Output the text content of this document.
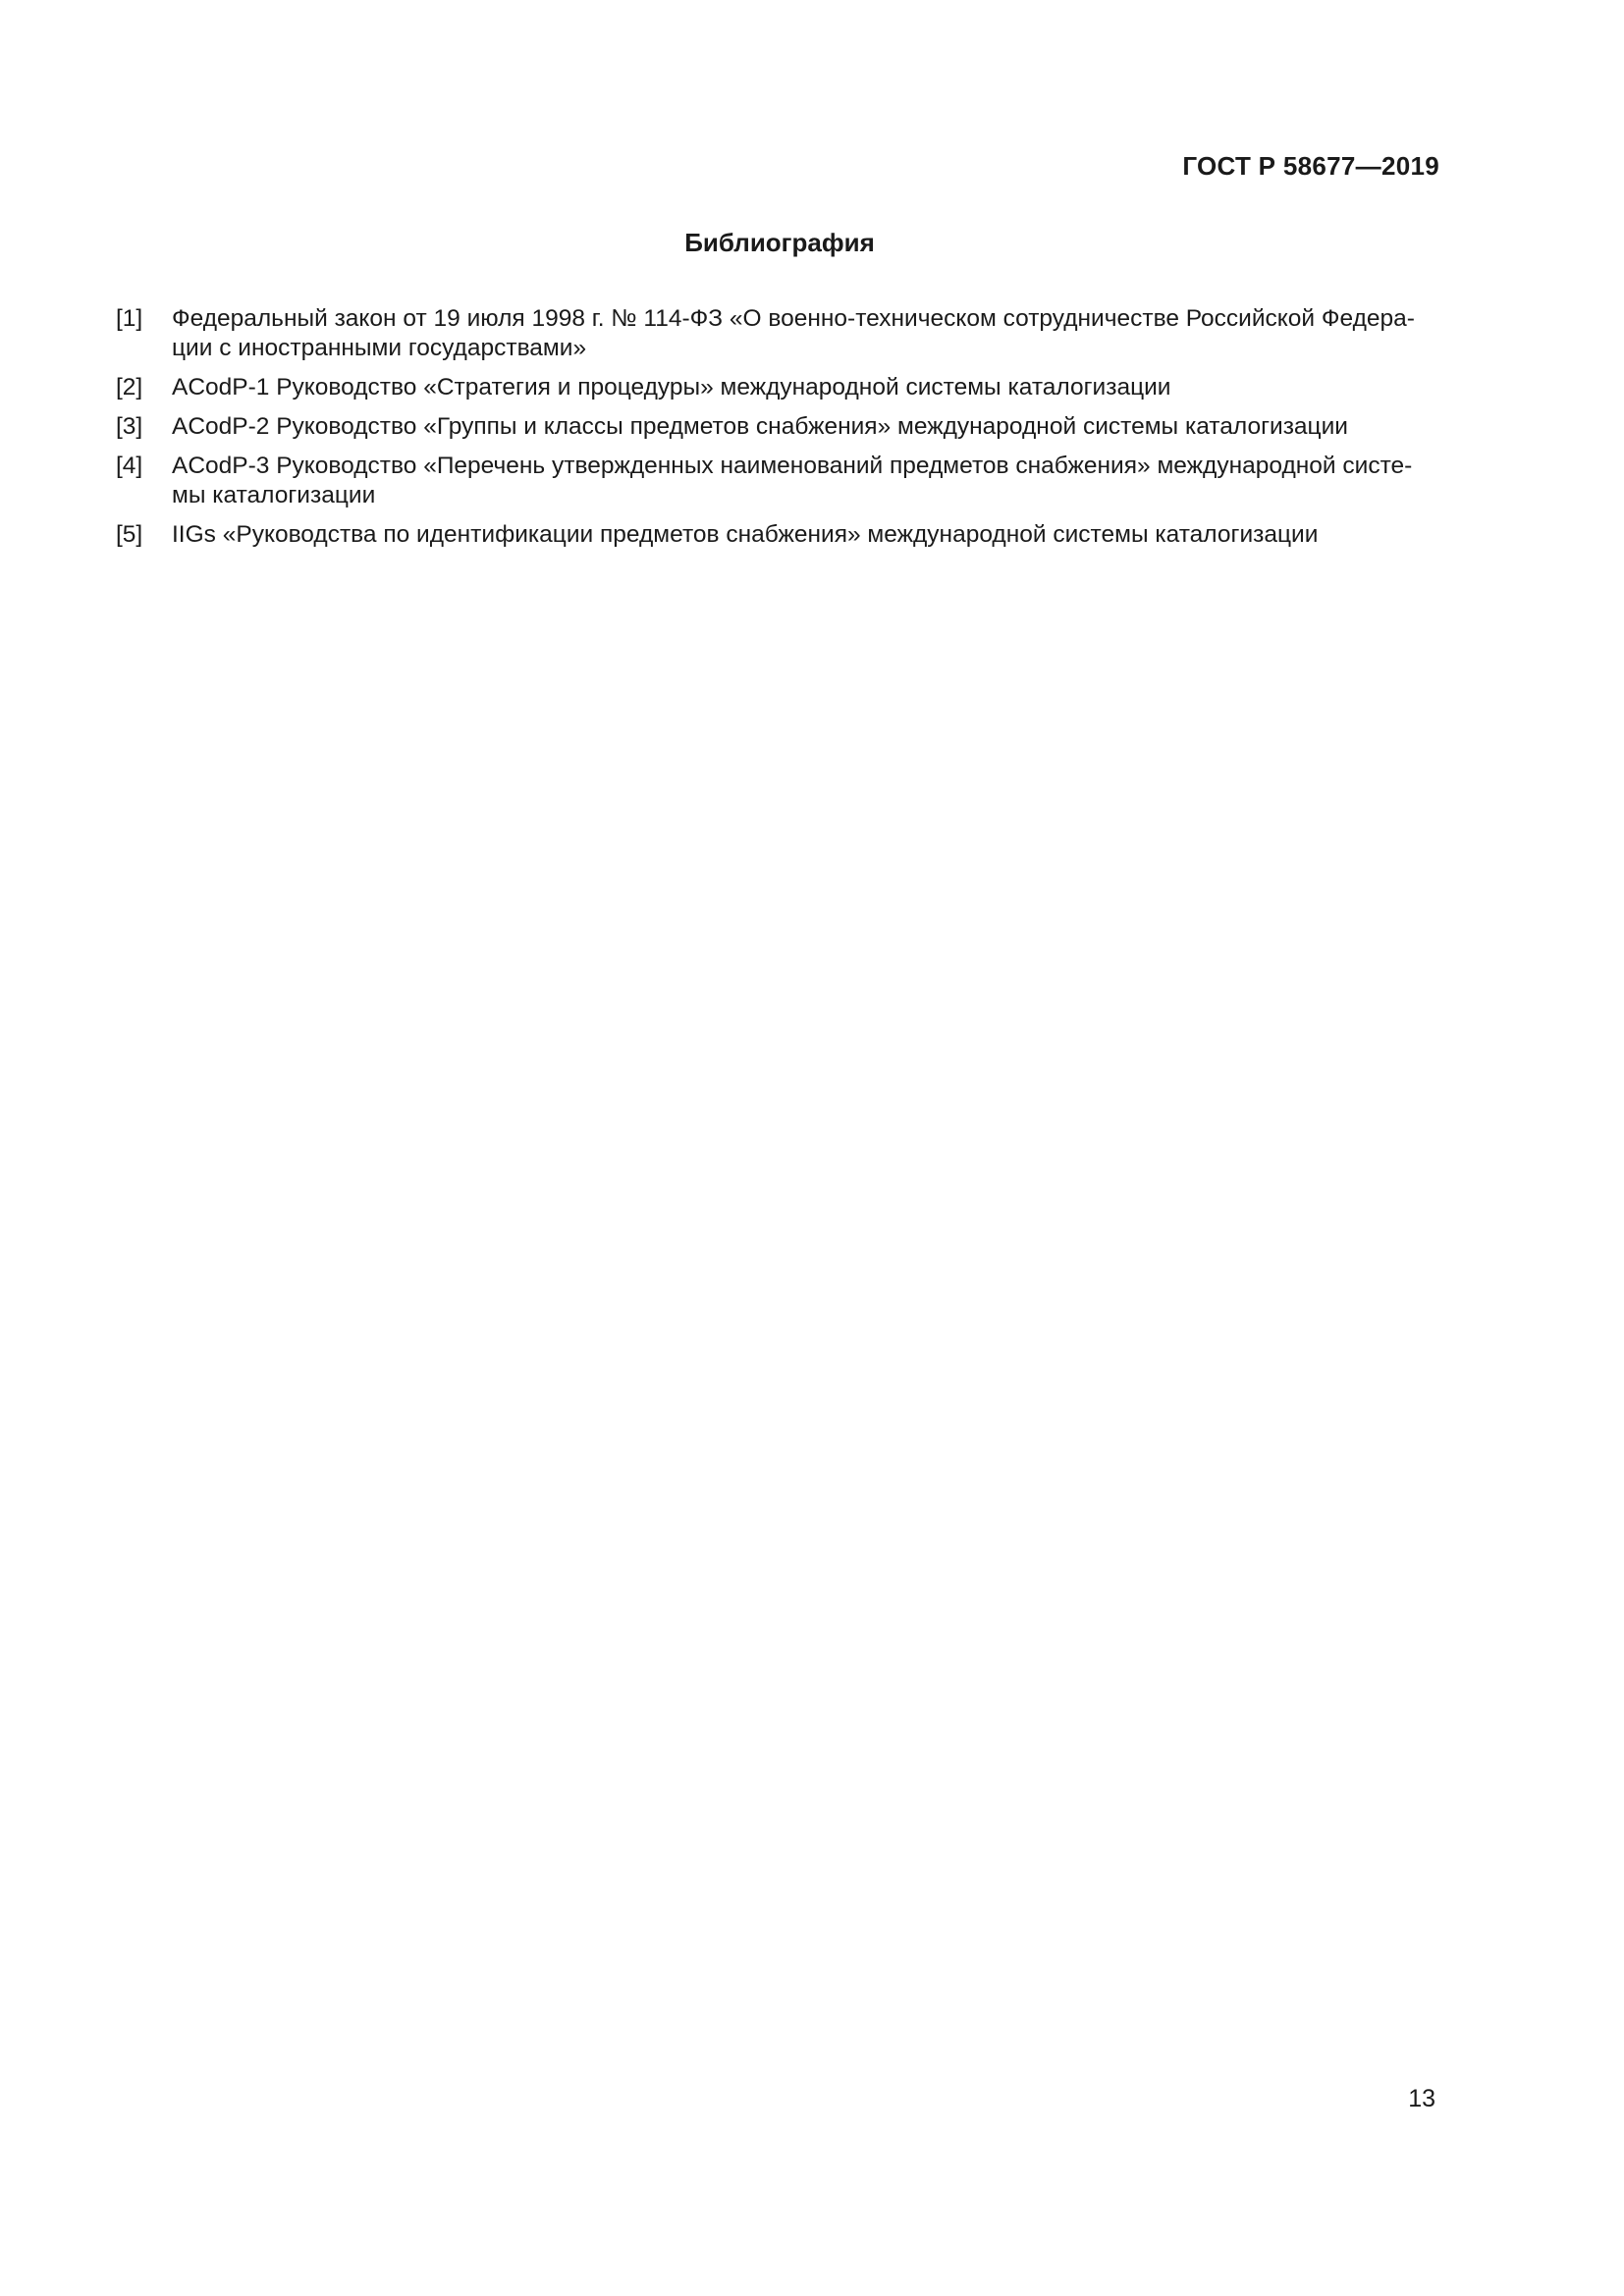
ГОСТ Р 58677—2019
Библиография
[1]	Федеральный закон от 19 июля 1998 г. № 114-ФЗ «О военно-техническом сотрудничестве Российской Федера-
ции с иностранными государствами»
[2]	ACodP-1 Руководство «Стратегия и процедуры» международной системы каталогизации
[3]	ACodP-2 Руководство «Группы и классы предметов снабжения» международной системы каталогизации
[4]	ACodP-3 Руководство «Перечень утвержденных наименований предметов снабжения» международной систе-
мы каталогизации
[5]	IIGs «Руководства по идентификации предметов снабжения» международной системы каталогизации
13
